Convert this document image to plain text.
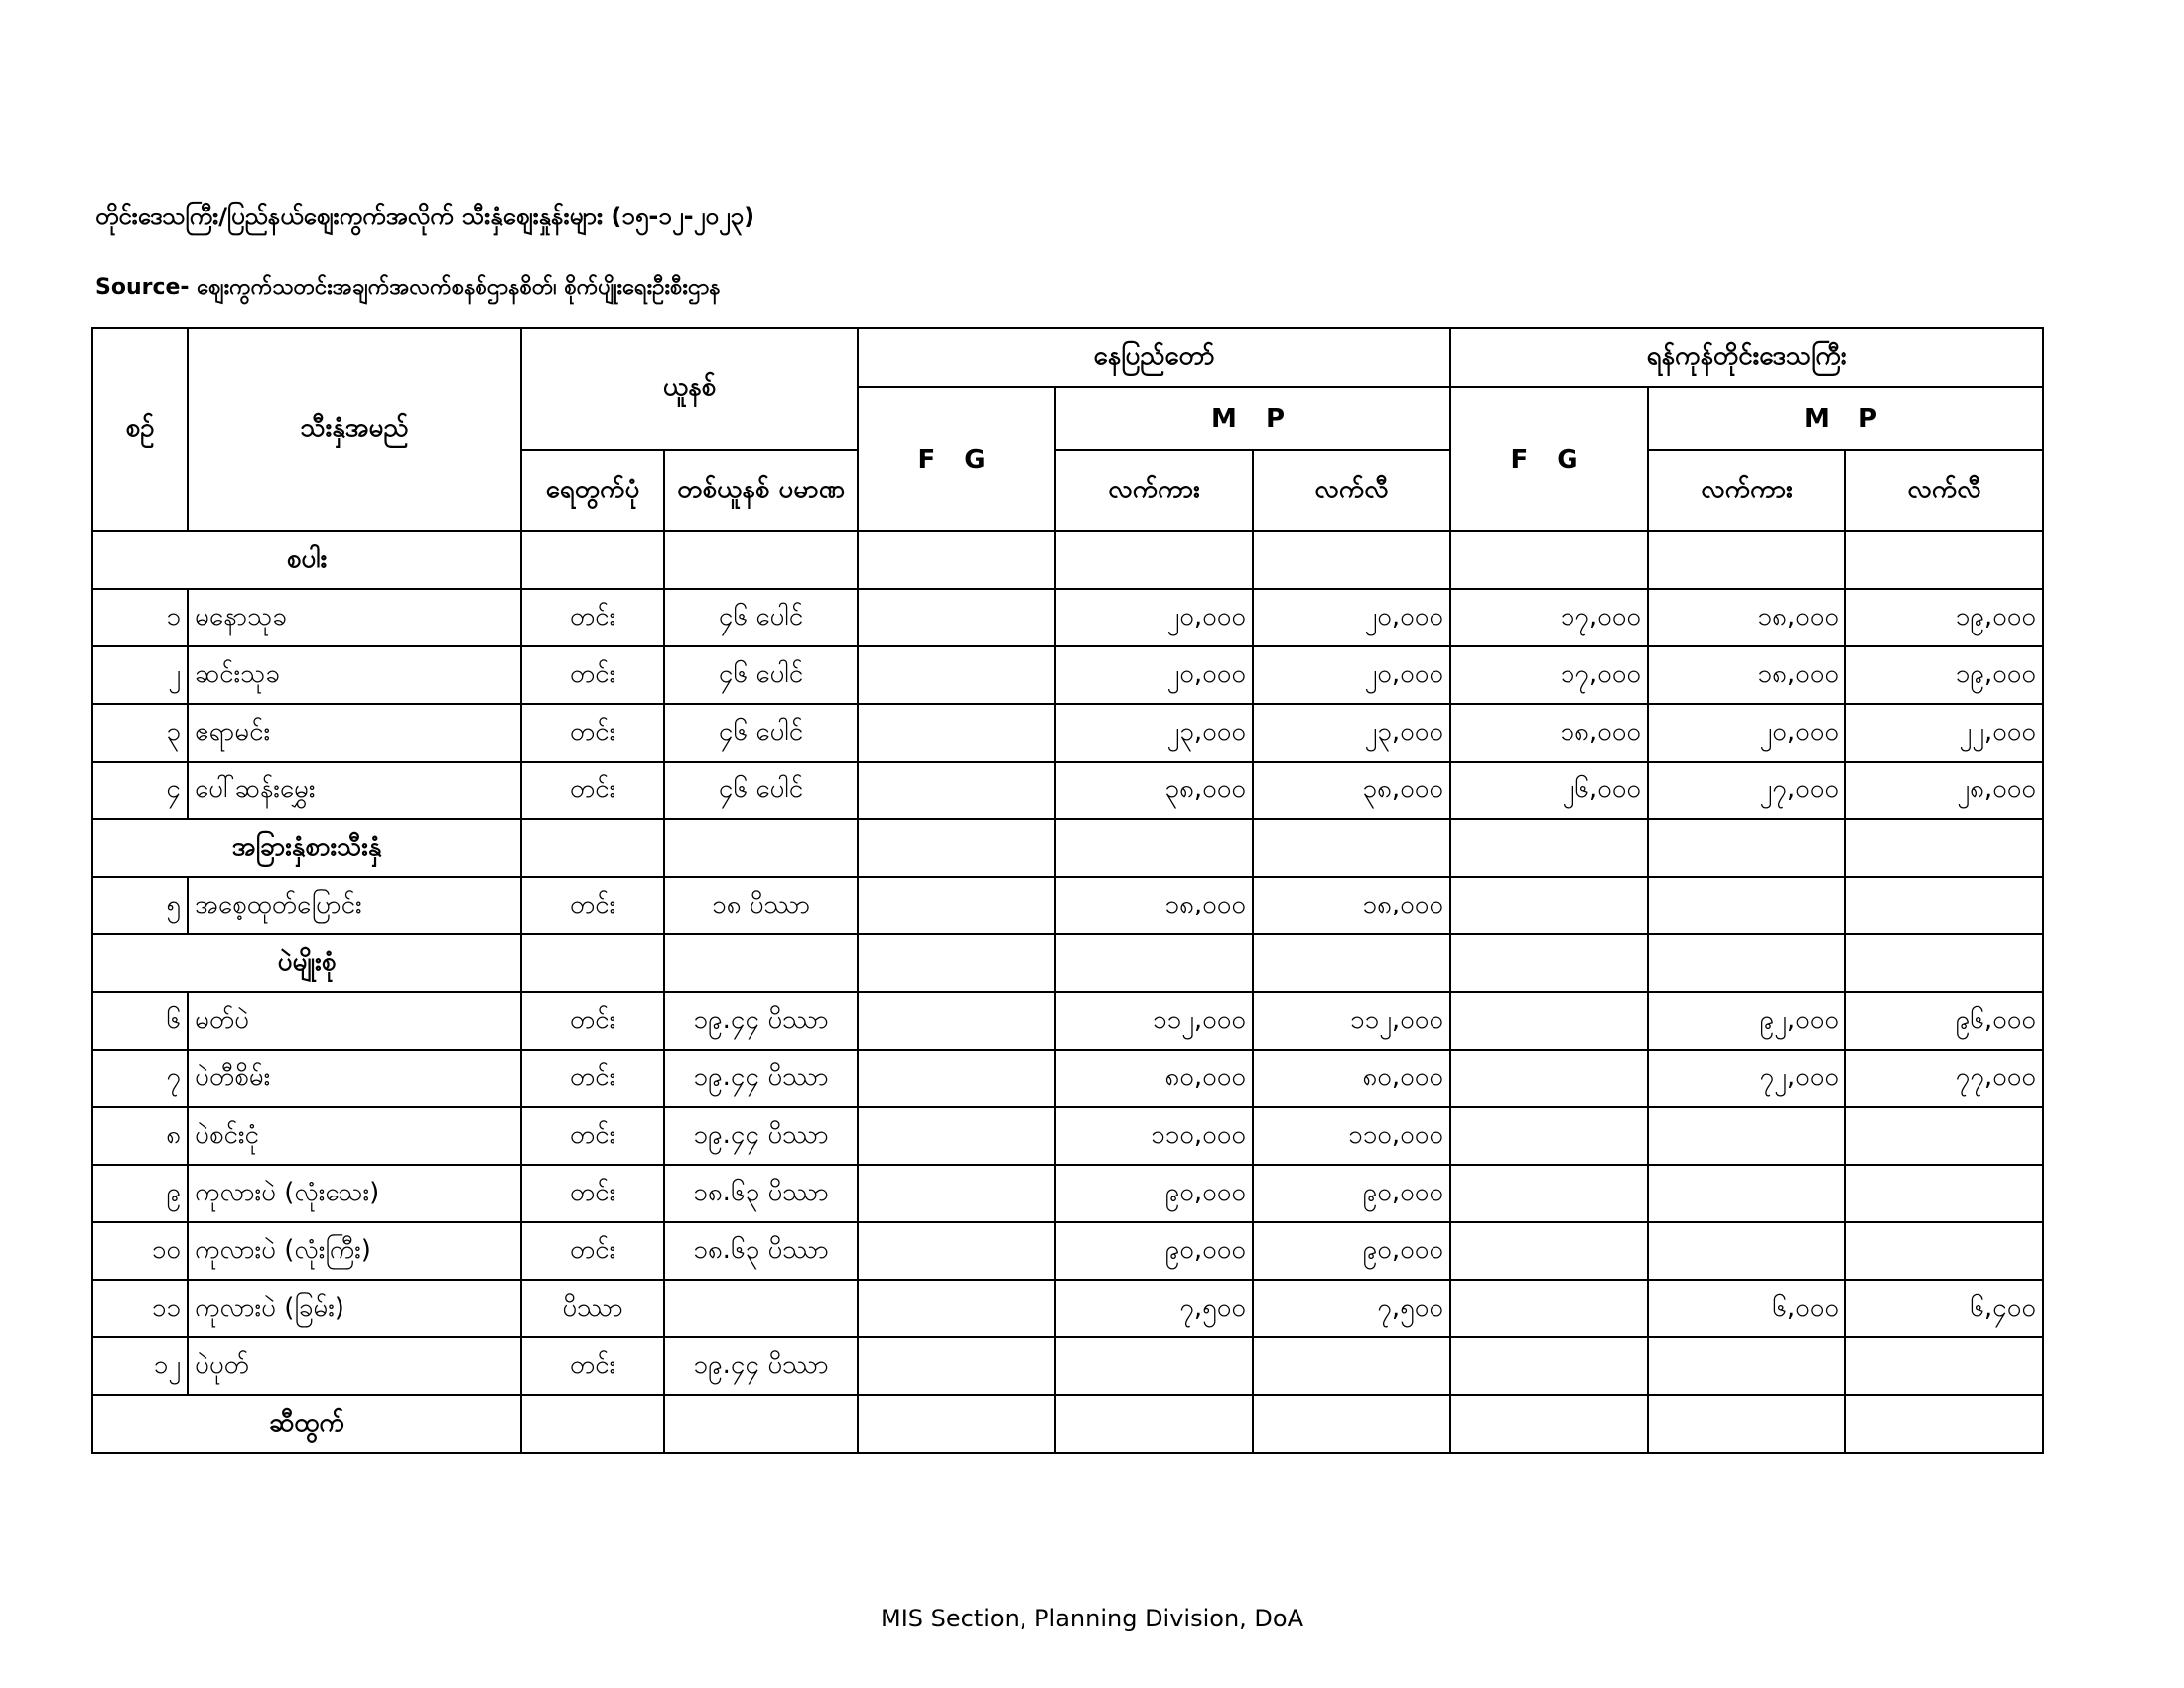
တိုင်းဒေသကြီး/ပြည်နယ်ဈေးကွက်အလိုက် သီးနှံဈေးနှုန်းများ (၁၅-၁၂-၂၀၂၃)
Source- ဈေးကွက်သတင်းအချက်အလက်စနစ်ဌာနစိတ်၊ စိုက်ပျိုးရေးဦးစီးဌာန
စဉ်	သီးနှံအမည်	ယူနစ်		နေပြည်တော်			ရန်ကုန်တိုင်းဒေသကြီး		
				F G	M P		F G	M P	
		ရေတွက်ပုံ	တစ်ယူနစ် ပမာဏ		လက်ကား	လက်လီ		လက်ကား	လက်လီ
စပါး									
၁	မနောသုခ	တင်း	၄၆ ပေါင်		၂၀,၀၀၀	၂၀,၀၀၀	၁၇,၀၀၀	၁၈,၀၀၀	၁၉,၀၀၀
၂	ဆင်းသုခ	တင်း	၄၆ ပေါင်		၂၀,၀၀၀	၂၀,၀၀၀	၁၇,၀၀၀	၁၈,၀၀၀	၁၉,၀၀၀
၃	ဧရာမင်း	တင်း	၄၆ ပေါင်		၂၃,၀၀၀	၂၃,၀၀၀	၁၈,၀၀၀	၂၀,၀၀၀	၂၂,၀၀၀
၄	ပေါ်ဆန်းမွှေး	တင်း	၄၆ ပေါင်		၃၈,၀၀၀	၃၈,၀၀၀	၂၆,၀၀၀	၂၇,၀၀၀	၂၈,၀၀၀
အခြားနှံစားသီးနှံ									
၅	အစေ့ထုတ်ပြောင်း	တင်း	၁၈ ပိဿာ		၁၈,၀၀၀	၁၈,၀၀၀			
ပဲမျိုးစုံ									
၆	မတ်ပဲ	တင်း	၁၉.၄၄ ပိဿာ		၁၁၂,၀၀၀	၁၁၂,၀၀၀		၉၂,၀၀၀	၉၆,၀၀၀
၇	ပဲတီစိမ်း	တင်း	၁၉.၄၄ ပိဿာ		၈၀,၀၀၀	၈၀,၀၀၀		၇၂,၀၀၀	၇၇,၀၀၀
၈	ပဲစင်းငုံ	တင်း	၁၉.၄၄ ပိဿာ		၁၁၀,၀၀၀	၁၁၀,၀၀၀			
၉	ကုလားပဲ (လုံးသေး)	တင်း	၁၈.၆၃ ပိဿာ		၉၀,၀၀၀	၉၀,၀၀၀			
၁၀	ကုလားပဲ (လုံးကြီး)	တင်း	၁၈.၆၃ ပိဿာ		၉၀,၀၀၀	၉၀,၀၀၀			
၁၁	ကုလားပဲ (ခြမ်း)	ပိဿာ			၇,၅၀၀	၇,၅၀၀		၆,၀၀၀	၆,၄၀၀
၁၂	ပဲပုတ်	တင်း	၁၉.၄၄ ပိဿာ						
ဆီထွက်									
MIS Section, Planning Division, DoA
